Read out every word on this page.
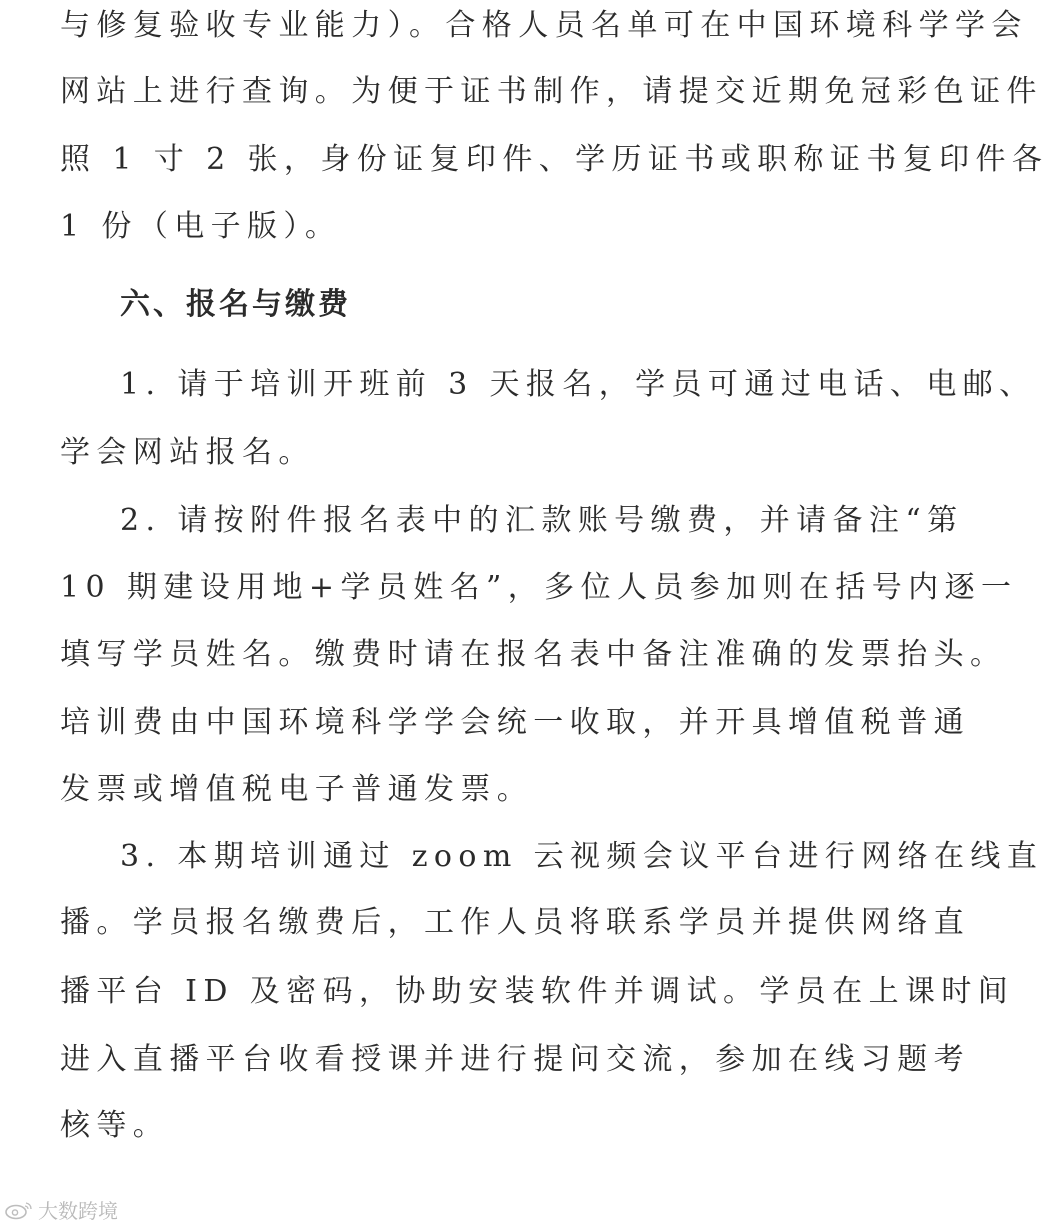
与修复验收专业能力）。合格人员名单可在中国环境科学学会
网站上进行查询。为便于证书制作，请提交近期免冠彩色证件
照 1 寸 2 张，身份证复印件、学历证书或职称证书复印件各
1 份（电子版）。
六、报名与缴费
1. 请于培训开班前 3 天报名，学员可通过电话、电邮、
学会网站报名。
2. 请按附件报名表中的汇款账号缴费，并请备注“第
10 期建设用地+学员姓名”，多位人员参加则在括号内逐一
填写学员姓名。缴费时请在报名表中备注准确的发票抬头。
培训费由中国环境科学学会统一收取，并开具增值税普通
发票或增值税电子普通发票。
3. 本期培训通过 zoom 云视频会议平台进行网络在线直
播。学员报名缴费后，工作人员将联系学员并提供网络直
播平台 ID 及密码，协助安装软件并调试。学员在上课时间
进入直播平台收看授课并进行提问交流，参加在线习题考
核等。
大数跨境
